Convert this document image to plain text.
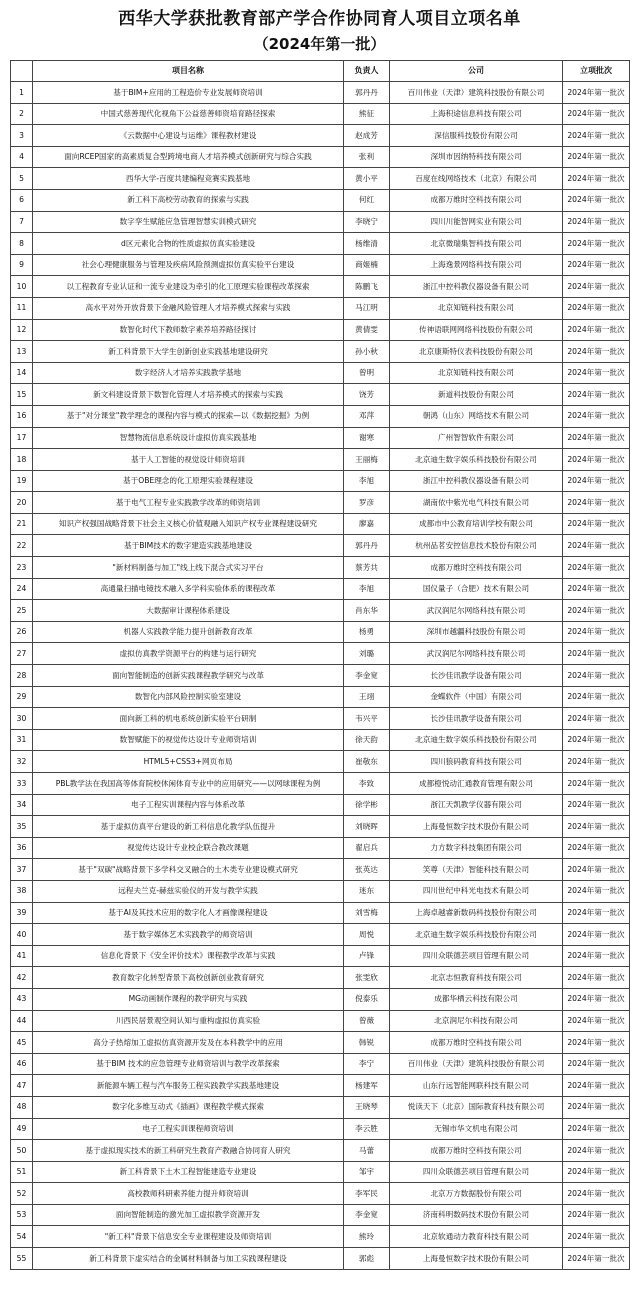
西华大学获批教育部产学合作协同育人项目立项名单
（2024年第一批）
	项目名称	负责人	公司	立项批次
1	基于BIM+应用的工程造价专业发展师资培训	郭丹丹	百川伟业（天津）建筑科技股份有限公司	2024年第一批次
2	中国式慈善现代化视角下公益慈善师资培育路径探索	熊征	上海积途信息科技有限公司	2024年第一批次
3	《云数据中心建设与运维》课程教材建设	赵成芳	深信服科技股份有限公司	2024年第一批次
4	面向RCEP国家的高素质复合型跨境电商人才培养模式创新研究与综合实践	张利	深圳市因纳特科技有限公司	2024年第一批次
5	西华大学-百度共建编程竞赛实践基地	黄小平	百度在线网络技术（北京）有限公司	2024年第一批次
6	新工科下高校劳动教育的探索与实践	何红	成都万维时空科技有限公司	2024年第一批次
7	数字孪生赋能应急管理智慧实训模式研究	李晓宁	四川川能智网实业有限公司	2024年第一批次
8	d区元素化合物的性质虚拟仿真实验建设	杨维清	北京微瑞集智科技有限公司	2024年第一批次
9	社会心理健康服务与管理及疾病风险预测虚拟仿真实验平台建设	商姬楠	上海逸景网络科技有限公司	2024年第一批次
10	以工程教育专业认证和一流专业建设为牵引的化工原理实验课程改革探索	陈鹏飞	浙江中控科教仪器设备有限公司	2024年第一批次
11	高水平对外开放背景下金融风险管理人才培养模式探索与实践	马江明	北京知链科技有限公司	2024年第一批次
12	数智化时代下教师数字素养培养路径探讨	黄倩雯	传神语联网网络科技股份有限公司	2024年第一批次
13	新工科背景下大学生创新创业实践基地建设研究	孙小秋	北京康斯特仪表科技股份有限公司	2024年第一批次
14	数字经济人才培养实践教学基地	曾明	北京知链科技有限公司	2024年第一批次
15	新文科建设背景下数智化管理人才培养模式的探索与实践	饶芳	新道科技股份有限公司	2024年第一批次
16	基于"对分课堂"教学理念的课程内容与模式的探索—以《数据挖掘》为例	邓萍	朝鸿（山东）网络技术有限公司	2024年第一批次
17	智慧物流信息系统设计虚拟仿真实践基地	谢寒	广州智智软件有限公司	2024年第一批次
18	基于人工智能的视觉设计师资培训	王丽梅	北京迪生数字娱乐科技股份有限公司	2024年第一批次
19	基于OBE理念的化工原理实验课程建设	李旭	浙江中控科教仪器设备有限公司	2024年第一批次
20	基于电气工程专业实践教学改革的师资培训	罗彦	湖南依中紫光电气科技有限公司	2024年第一批次
21	知识产权强国战略背景下社会主义核心价值观融入知识产权专业课程建设研究	廖嘉	成都市中公教育培训学校有限公司	2024年第一批次
22	基于BIM技术的数字建造实践基地建设	郭丹丹	杭州品茗安控信息技术股份有限公司	2024年第一批次
23	"新材料制备与加工"线上线下混合式实习平台	蔡芳共	成都万维时空科技有限公司	2024年第一批次
24	高通量扫描电镜技术融入多学科实验体系的课程改革	李旭	国仪量子（合肥）技术有限公司	2024年第一批次
25	大数据审计课程体系建设	肖东华	武汉润尼尔网络科技有限公司	2024年第一批次
26	机器人实践教学能力提升创新教育改革	杨勇	深圳市越疆科技股份有限公司	2024年第一批次
27	虚拟仿真教学资源平台的构建与运行研究	刘璐	武汉润尼尔网络科技有限公司	2024年第一批次
28	面向智能制造的创新实践课程教学研究与改革	李金宽	长沙佳讯教学设备有限公司	2024年第一批次
29	数智化内部风险控制实验室建设	王翊	金蝶软件（中国）有限公司	2024年第一批次
30	面向新工科的机电系统创新实验平台研制	韦兴平	长沙佳讯教学设备有限公司	2024年第一批次
31	数智赋能下的视觉传达设计专业师资培训	徐天韵	北京迪生数字娱乐科技股份有限公司	2024年第一批次
32	HTML5+CSS3+网页布局	崔敬东	四川狼码教育科技有限公司	2024年第一批次
33	PBL教学法在我国高等体育院校休闲体育专业中的应用研究——以网球课程为例	李致	成都橙悦动汇通教育管理有限公司	2024年第一批次
34	电子工程实训课程内容与体系改革	徐学彬	浙江天凯教学仪器有限公司	2024年第一批次
35	基于虚拟仿真平台建设的新工科信息化教学队伍提升	刘晓晖	上海曼恒数字技术股份有限公司	2024年第一批次
36	视觉传达设计专业校企联合教改课题	翟启兵	力方数字科技集团有限公司	2024年第一批次
37	基于"双碳"战略背景下多学科交叉融合的土木类专业建设模式研究	张英达	笑尊（天津）智能科技有限公司	2024年第一批次
38	远程夫兰克-赫兹实验仪的开发与教学实践	迷东	四川世纪中科光电技术有限公司	2024年第一批次
39	基于AI及其技术应用的数字化人才画像课程建设	刘雪梅	上海卓越睿新数码科技股份有限公司	2024年第一批次
40	基于数字媒体艺术实践教学的师资培训	周悦	北京迪生数字娱乐科技股份有限公司	2024年第一批次
41	信息化背景下《安全评价技术》课程教学改革与实践	卢锋	四川众联德芸项目管理有限公司	2024年第一批次
42	教育数字化转型背景下高校创新创业教育研究	张雯欣	北京志恒教育科技有限公司	2024年第一批次
43	MG动画制作课程的教学研究与实践	倪泰乐	成都华栖云科技有限公司	2024年第一批次
44	川西民居景观空间认知与重构虚拟仿真实验	曾薇	北京润尼尔科技有限公司	2024年第一批次
45	高分子热熔加工虚拟仿真资源开发及在本科教学中的应用	韩锐	成都万维时空科技有限公司	2024年第一批次
46	基于BIM 技术的应急管理专业师资培训与教学改革探索	李宁	百川伟业（天津）建筑科技股份有限公司	2024年第一批次
47	新能源车辆工程与汽车服务工程实践教学实践基地建设	杨建军	山东行远智能网联科技有限公司	2024年第一批次
48	数字化多维互动式《插画》课程教学模式探索	王晓琴	悦读天下（北京）国际教育科技有限公司	2024年第一批次
49	电子工程实训课程师资培训	李云胜	无锡市华文机电有限公司	2024年第一批次
50	基于虚拟现实技术的新工科研究生教育产教融合协同育人研究	马蕾	成都万维时空科技有限公司	2024年第一批次
51	新工科背景下土木工程智能建造专业建设	邹宇	四川众联德芸项目管理有限公司	2024年第一批次
52	高校教师科研素养能力提升师资培训	李军民	北京万方数据股份有限公司	2024年第一批次
53	面向智能制造的激光加工虚拟教学资源开发	李金宽	济南科明数码技术股份有限公司	2024年第一批次
54	"新工科"背景下信息安全专业课程建设及师资培训	熊玲	北京软通动力教育科技有限公司	2024年第一批次
55	新工科背景下虚实结合的金属材料制备与加工实践课程建设	郭彪	上海曼恒数字技术股份有限公司	2024年第一批次
